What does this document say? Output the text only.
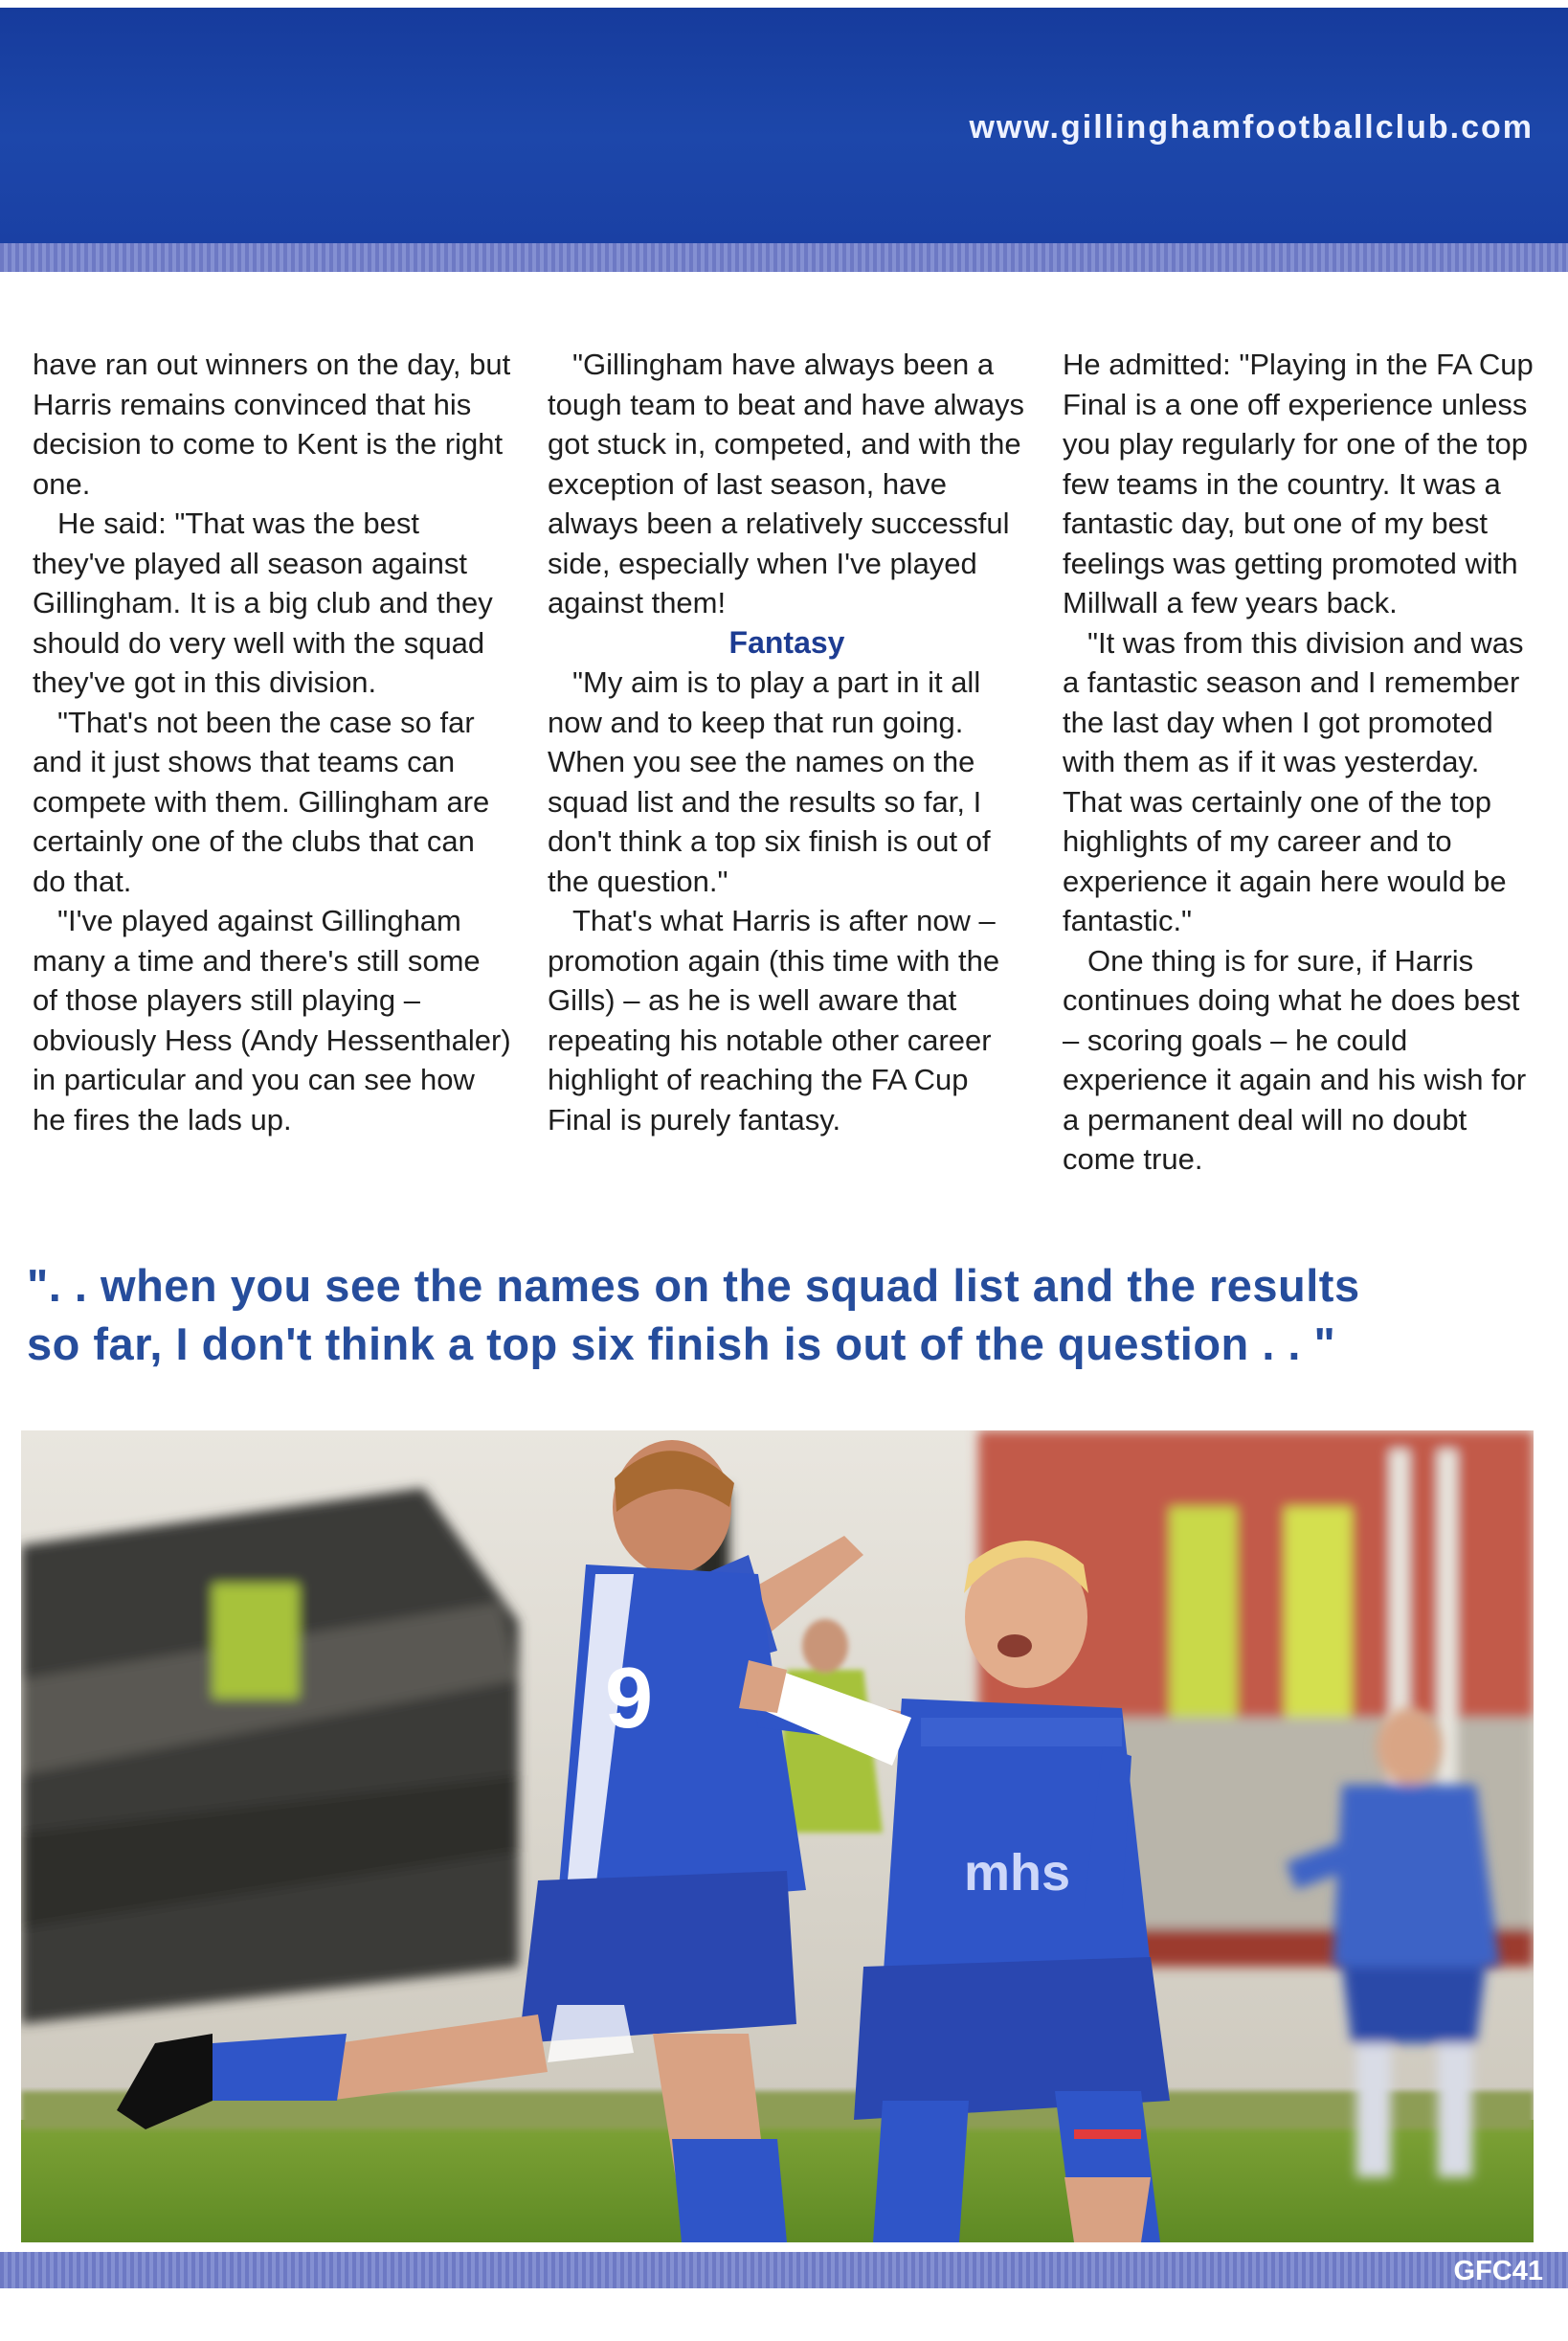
www.gillinghamfootballclub.com

have ran out winners on the day, but Harris remains convinced that his decision to come to Kent is the right one.

He said: "That was the best they've played all season against Gillingham. It is a big club and they should do very well with the squad they've got in this division.

"That's not been the case so far and it just shows that teams can compete with them. Gillingham are certainly one of the clubs that can do that.

"I've played against Gillingham many a time and there's still some of those players still playing – obviously Hess (Andy Hessenthaler) in particular and you can see how he fires the lads up.

"Gillingham have always been a tough team to beat and have always got stuck in, competed, and with the exception of last season, have always been a relatively successful side, especially when I've played against them!

Fantasy

"My aim is to play a part in it all now and to keep that run going. When you see the names on the squad list and the results so far, I don't think a top six finish is out of the question."

That's what Harris is after now – promotion again (this time with the Gills) – as he is well aware that repeating his notable other career highlight of reaching the FA Cup Final is purely fantasy.

He admitted: "Playing in the FA Cup Final is a one off experience unless you play regularly for one of the top few teams in the country. It was a fantastic day, but one of my best feelings was getting promoted with Millwall a few years back.

"It was from this division and was a fantastic season and I remember the last day when I got promoted with them as if it was yesterday. That was certainly one of the top highlights of my career and to experience it again here would be fantastic."

One thing is for sure, if Harris continues doing what he does best – scoring goals – he could experience it again and his wish for a permanent deal will no doubt come true.

". . when you see the names on the squad list and the results

so far, I don't think a top six finish is out of the question . . "

9
mhs
GFC41
